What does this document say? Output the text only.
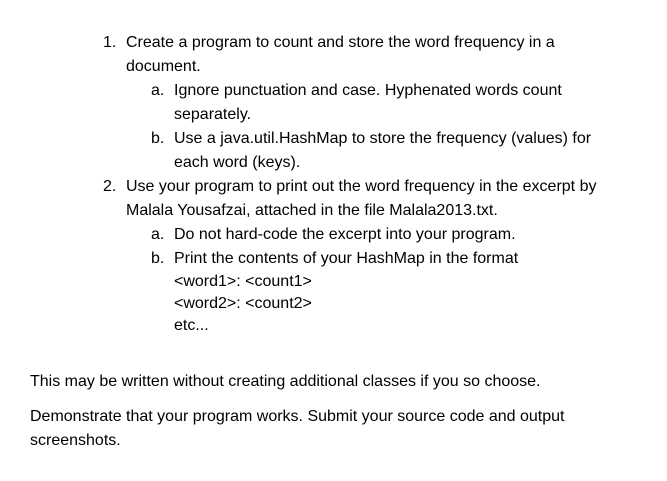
1. Create a program to count and store the word frequency in a
document.
a. Ignore punctuation and case. Hyphenated words count
separately.
b. Use a java.util.HashMap to store the frequency (values) for
each word (keys).
2. Use your program to print out the word frequency in the excerpt by
Malala Yousafzai, attached in the file Malala2013.txt.
a. Do not hard-code the excerpt into your program.
b. Print the contents of your HashMap in the format
<word1>: <count1>
<word2>: <count2>
etc...
This may be written without creating additional classes if you so choose.
Demonstrate that your program works. Submit your source code and output
screenshots.
